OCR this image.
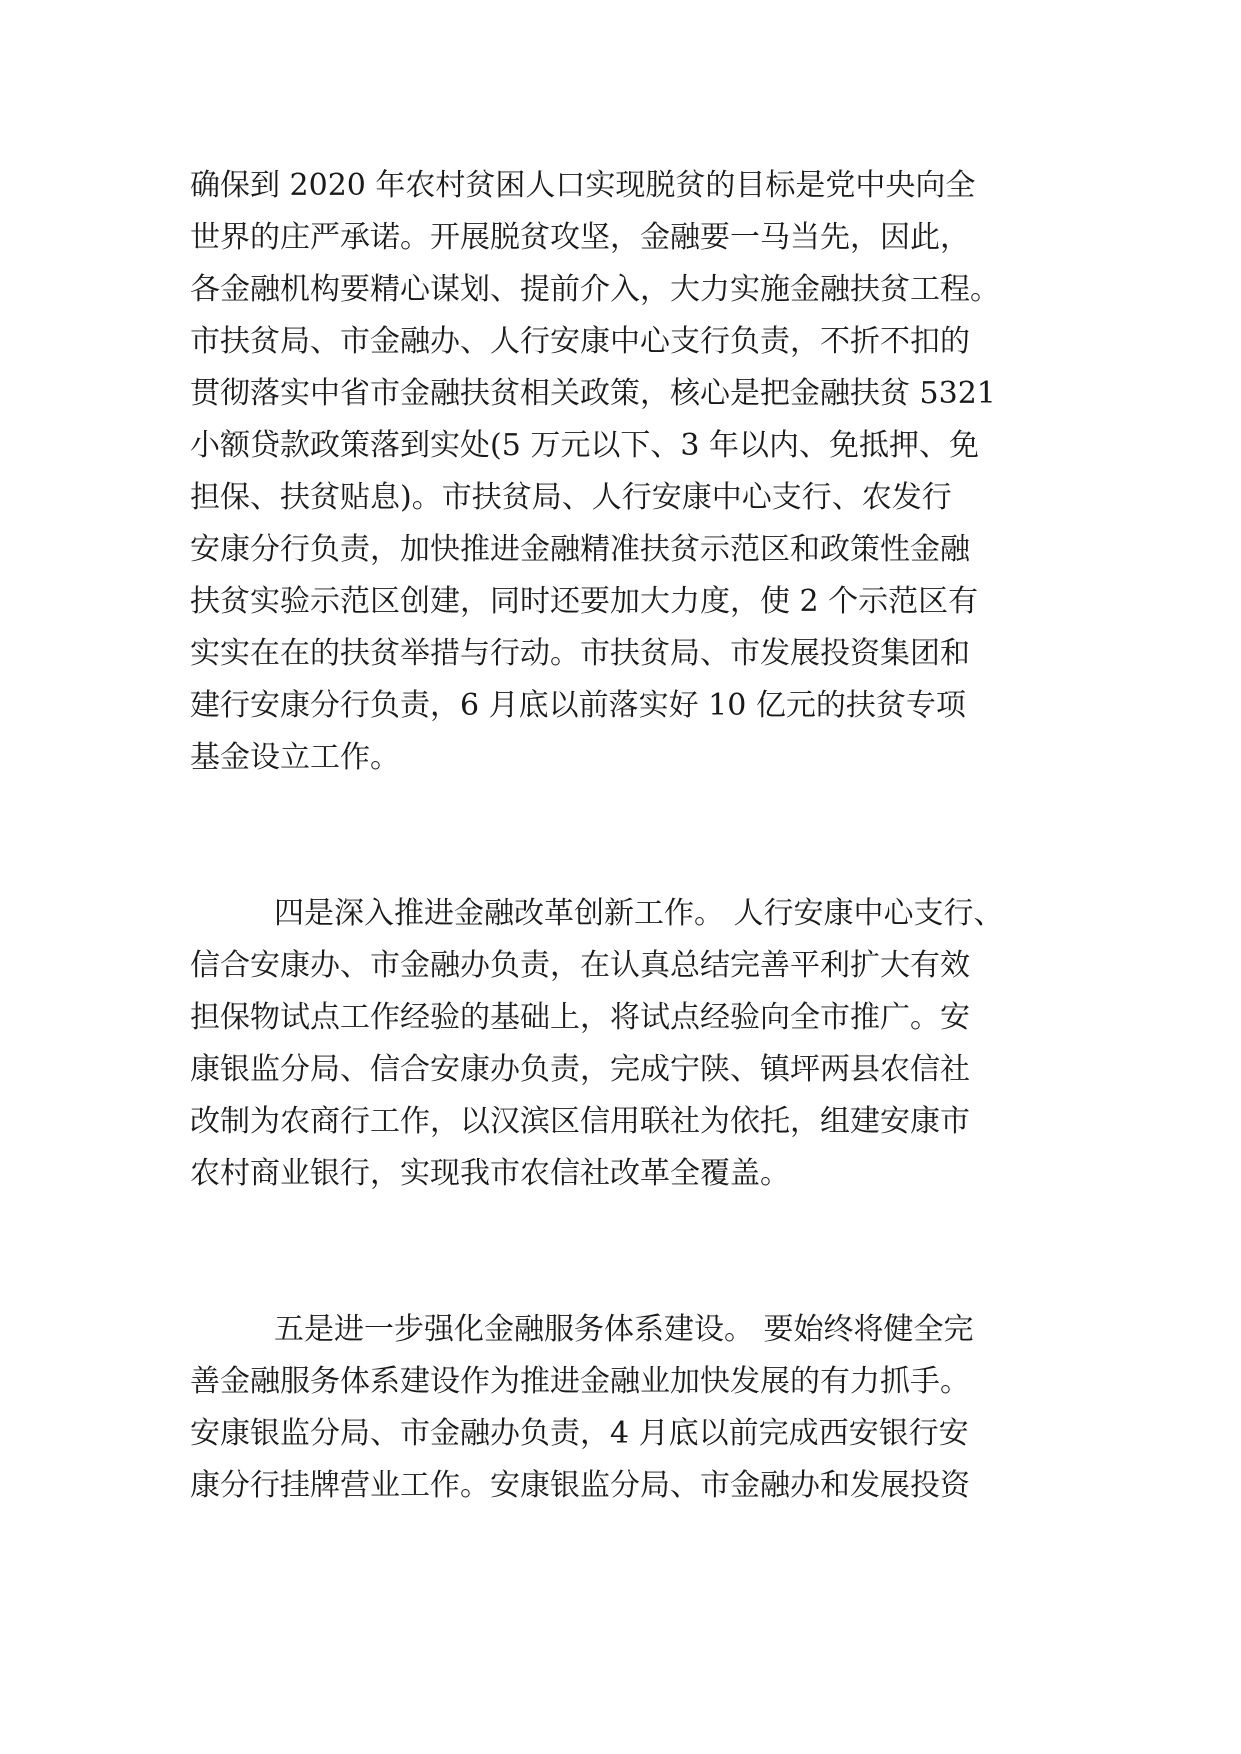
确保到 2020 年农村贫困人口实现脱贫的目标是党中央向全
世界的庄严承诺。开展脱贫攻坚，金融要一马当先，因此，
各金融机构要精心谋划、提前介入，大力实施金融扶贫工程。
市扶贫局、市金融办、人行安康中心支行负责，不折不扣的
贯彻落实中省市金融扶贫相关政策，核心是把金融扶贫 5321
小额贷款政策落到实处(5 万元以下、3 年以内、免抵押、免
担保、扶贫贴息)。市扶贫局、人行安康中心支行、农发行
安康分行负责，加快推进金融精准扶贫示范区和政策性金融
扶贫实验示范区创建，同时还要加大力度，使 2 个示范区有
实实在在的扶贫举措与行动。市扶贫局、市发展投资集团和
建行安康分行负责，6 月底以前落实好 10 亿元的扶贫专项
基金设立工作。
四是深入推进金融改革创新工作。 人行安康中心支行、
信合安康办、市金融办负责，在认真总结完善平利扩大有效
担保物试点工作经验的基础上，将试点经验向全市推广。安
康银监分局、信合安康办负责，完成宁陕、镇坪两县农信社
改制为农商行工作，以汉滨区信用联社为依托，组建安康市
农村商业银行，实现我市农信社改革全覆盖。
五是进一步强化金融服务体系建设。 要始终将健全完
善金融服务体系建设作为推进金融业加快发展的有力抓手。
安康银监分局、市金融办负责，4 月底以前完成西安银行安
康分行挂牌营业工作。安康银监分局、市金融办和发展投资
